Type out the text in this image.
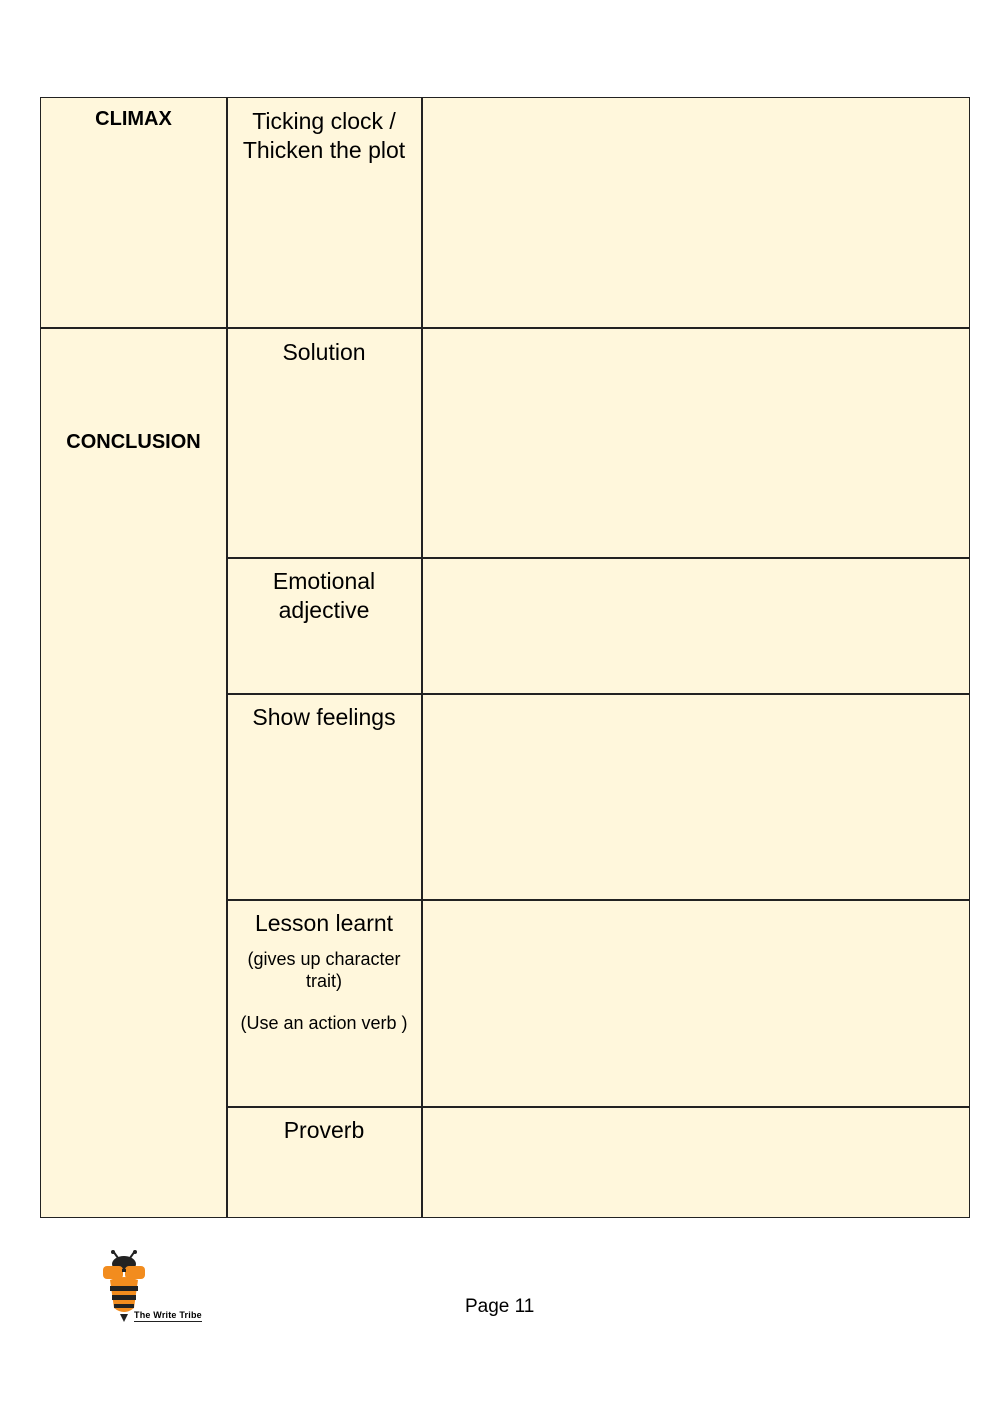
CLIMAX
CONCLUSION
Ticking clock /
Thicken the plot
Solution
Emotional
adjective
Show feelings
Lesson learnt
(gives up character trait)
(Use an action verb )
Proverb
The Write Tribe	Page 11
